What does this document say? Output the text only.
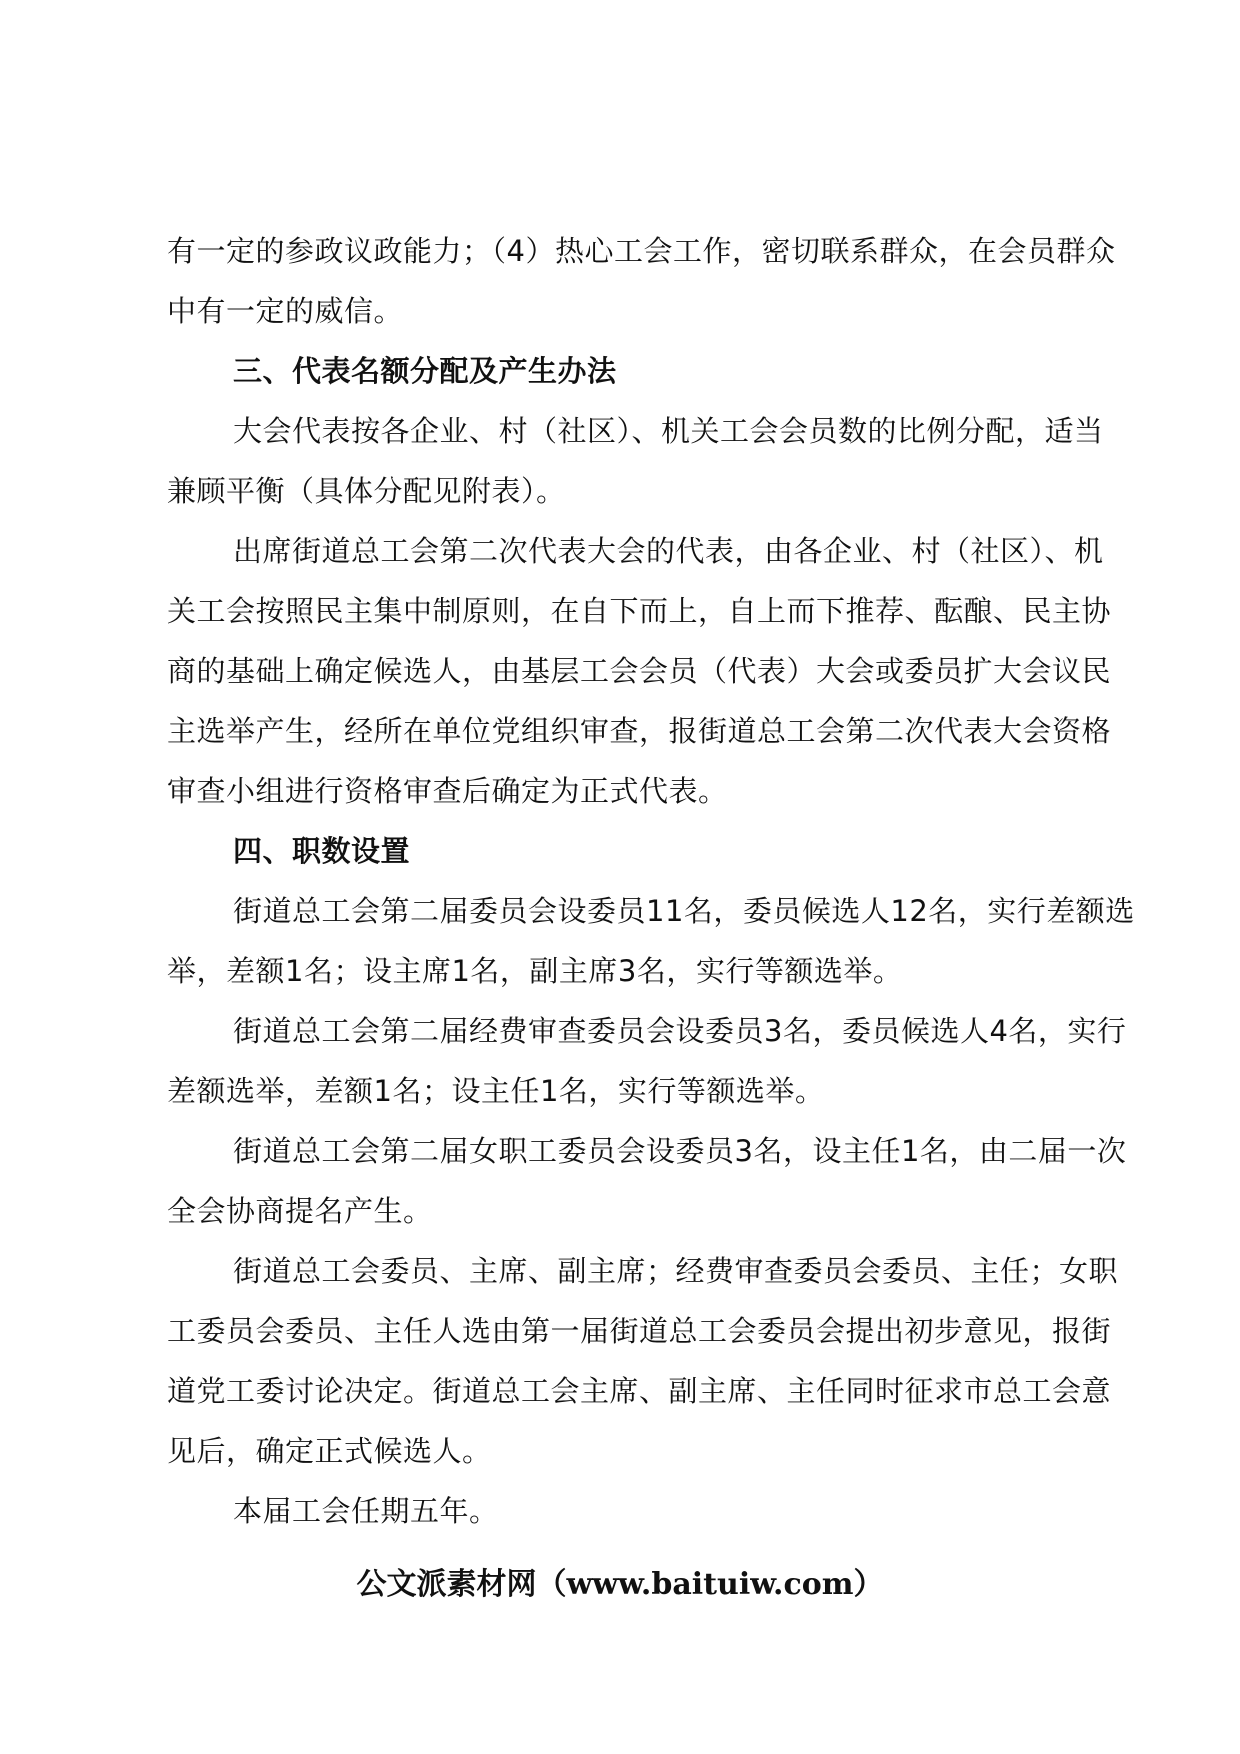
有一定的参政议政能力；（4）热心工会工作，密切联系群众，在会员群众
中有一定的威信。
三、代表名额分配及产生办法
大会代表按各企业、村（社区）、机关工会会员数的比例分配，适当
兼顾平衡（具体分配见附表）。
出席街道总工会第二次代表大会的代表，由各企业、村（社区）、机
关工会按照民主集中制原则，在自下而上，自上而下推荐、酝酿、民主协
商的基础上确定候选人，由基层工会会员（代表）大会或委员扩大会议民
主选举产生，经所在单位党组织审查，报街道总工会第二次代表大会资格
审查小组进行资格审查后确定为正式代表。
四、职数设置
街道总工会第二届委员会设委员11名，委员候选人12名，实行差额选
举，差额1名；设主席1名，副主席3名，实行等额选举。
街道总工会第二届经费审查委员会设委员3名，委员候选人4名，实行
差额选举，差额1名；设主任1名，实行等额选举。
街道总工会第二届女职工委员会设委员3名，设主任1名，由二届一次
全会协商提名产生。
街道总工会委员、主席、副主席；经费审查委员会委员、主任；女职
工委员会委员、主任人选由第一届街道总工会委员会提出初步意见，报街
道党工委讨论决定。街道总工会主席、副主席、主任同时征求市总工会意
见后，确定正式候选人。
本届工会任期五年。
公文派素材网（www.baituiw.com）
